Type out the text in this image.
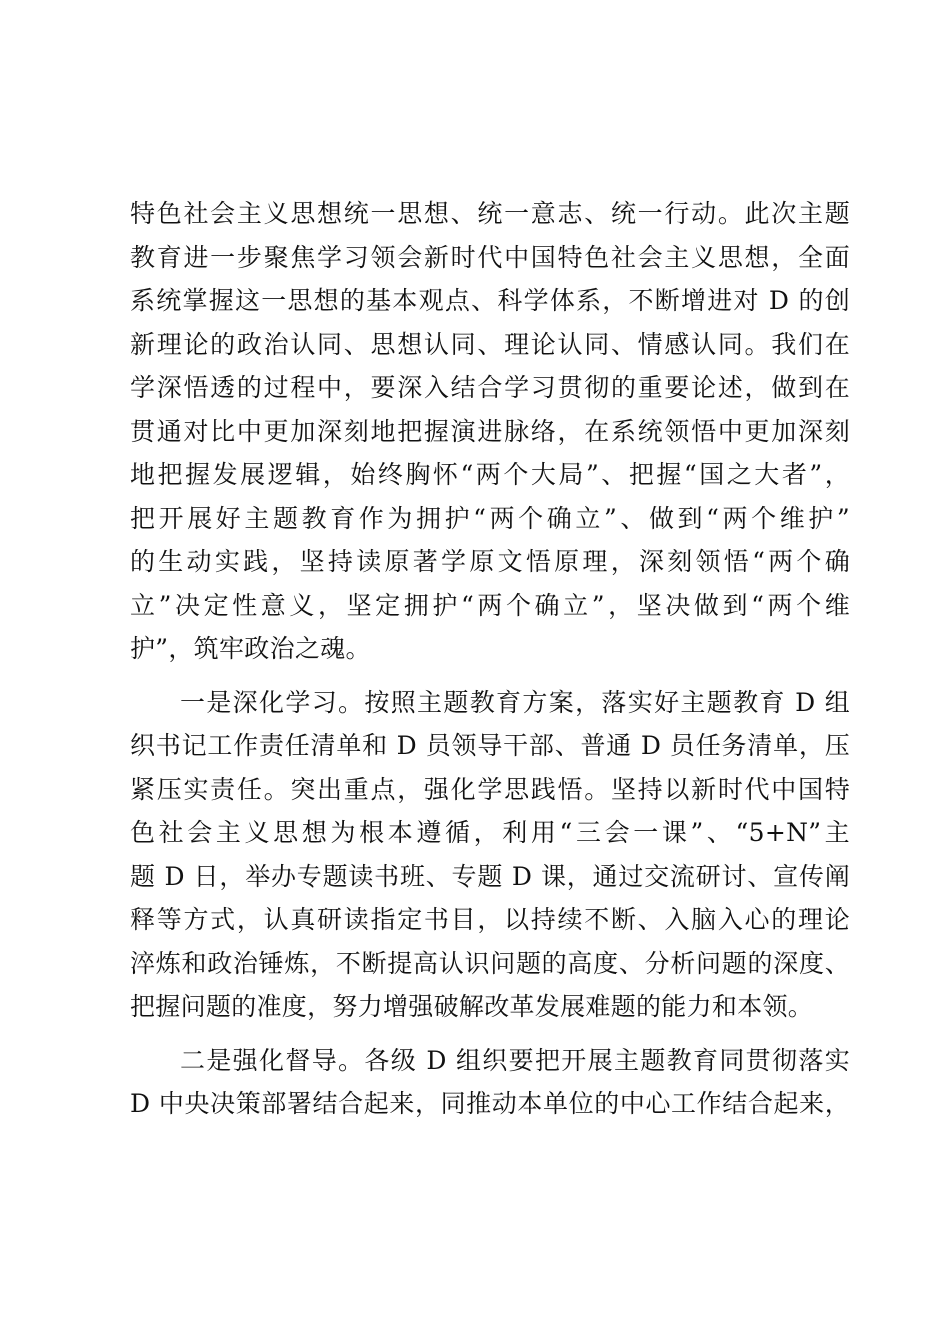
特色社会主义思想统一思想、统一意志、统一行动。此次主题
教育进一步聚焦学习领会新时代中国特色社会主义思想，全面
系统掌握这一思想的基本观点、科学体系，不断增进对 D 的创
新理论的政治认同、思想认同、理论认同、情感认同。我们在
学深悟透的过程中，要深入结合学习贯彻的重要论述，做到在
贯通对比中更加深刻地把握演进脉络，在系统领悟中更加深刻
地把握发展逻辑，始终胸怀“两个大局”、把握“国之大者”，
把开展好主题教育作为拥护“两个确立”、做到“两个维护”
的生动实践，坚持读原著学原文悟原理，深刻领悟“两个确
立”决定性意义，坚定拥护“两个确立”，坚决做到“两个维
护”，筑牢政治之魂。
一是深化学习。按照主题教育方案，落实好主题教育 D 组
织书记工作责任清单和 D 员领导干部、普通 D 员任务清单，压
紧压实责任。突出重点，强化学思践悟。坚持以新时代中国特
色社会主义思想为根本遵循，利用“三会一课”、“5+N”主
题 D 日，举办专题读书班、专题 D 课，通过交流研讨、宣传阐
释等方式，认真研读指定书目，以持续不断、入脑入心的理论
淬炼和政治锤炼，不断提高认识问题的高度、分析问题的深度、
把握问题的准度，努力增强破解改革发展难题的能力和本领。
二是强化督导。各级 D 组织要把开展主题教育同贯彻落实
D 中央决策部署结合起来，同推动本单位的中心工作结合起来，
